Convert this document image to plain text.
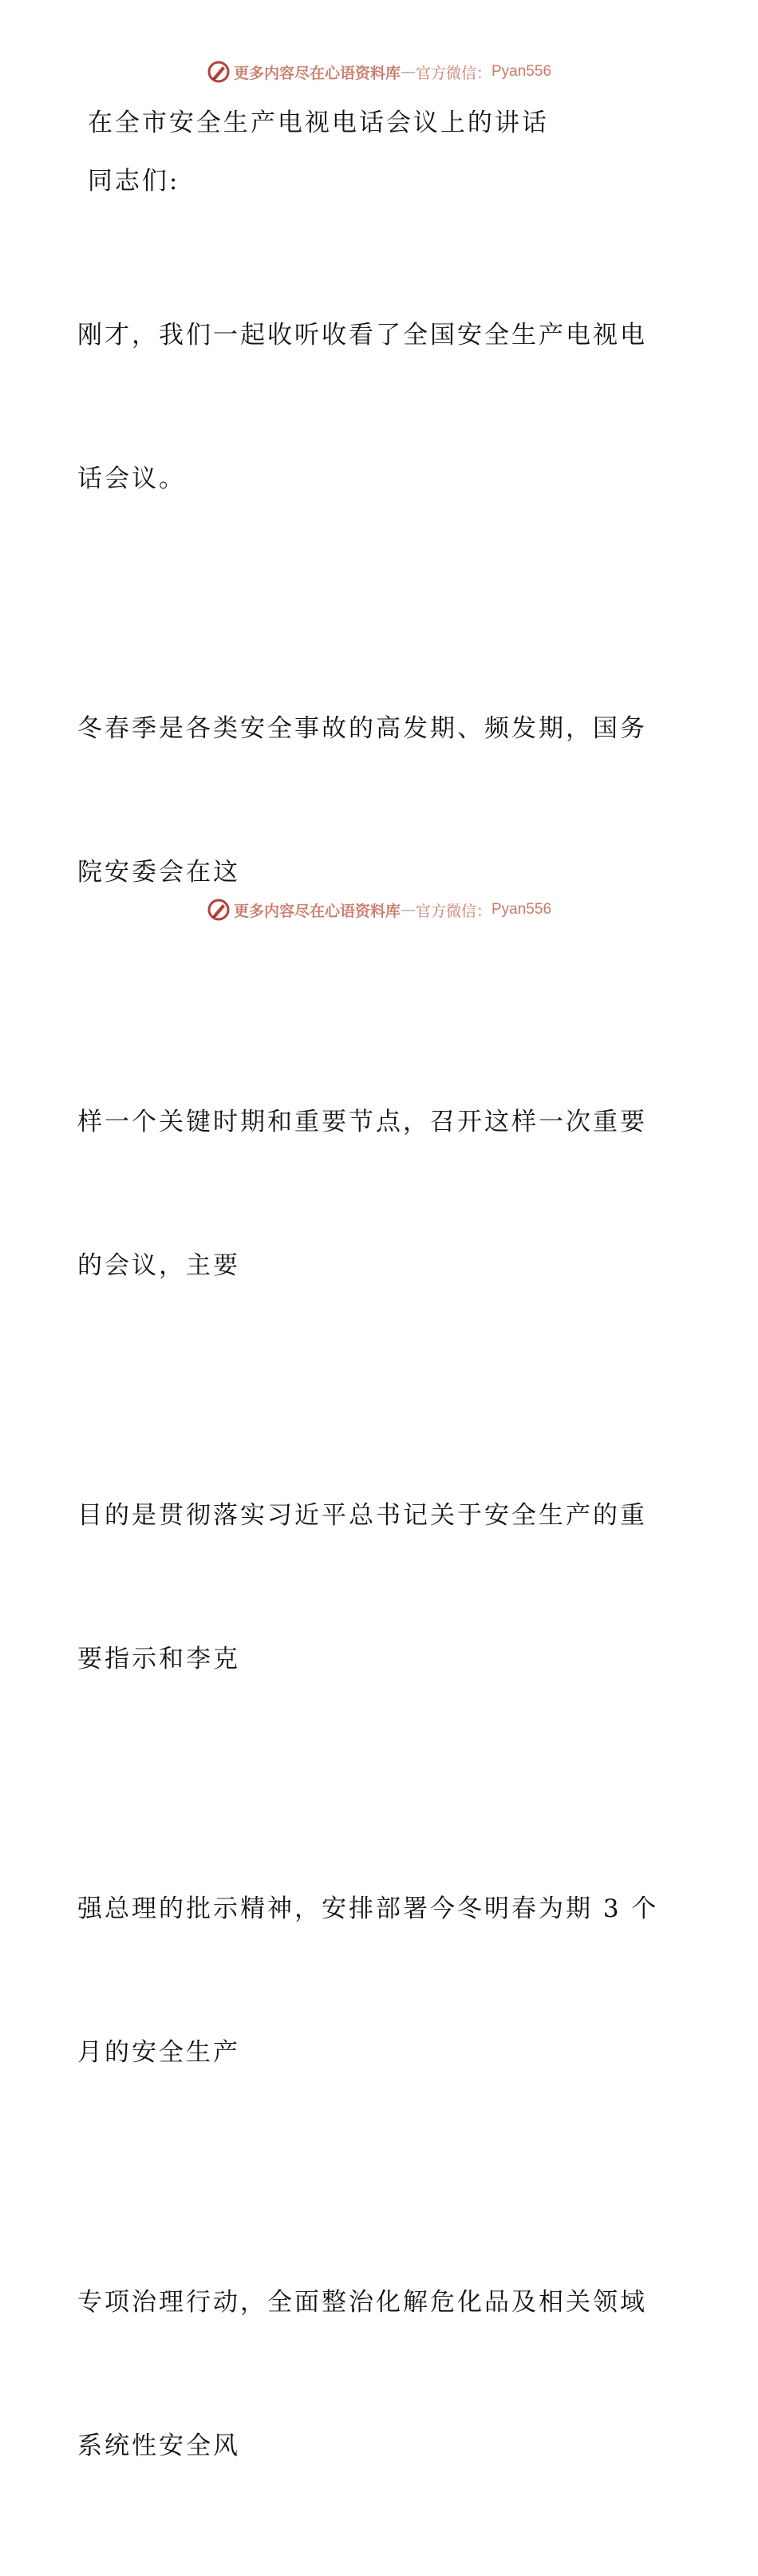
更多内容尽在心语资料库 — 官方微信： Pyan556

在全市安全生产电视电话会议上的讲话

同志们:

刚才，我们一起收听收看了全国安全生产电视电

话会议。

冬春季是各类安全事故的高发期、频发期，国务

院安委会在这

样一个关键时期和重要节点，召开这样一次重要

的会议，主要

目的是贯彻落实习近平总书记关于安全生产的重

要指示和李克

强总理的批示精神，安排部署今冬明春为期 3 个

月的安全生产

专项治理行动，全面整治化解危化品及相关领域

系统性安全风

更多内容尽在心语资料库 — 官方微信： Pyan556
